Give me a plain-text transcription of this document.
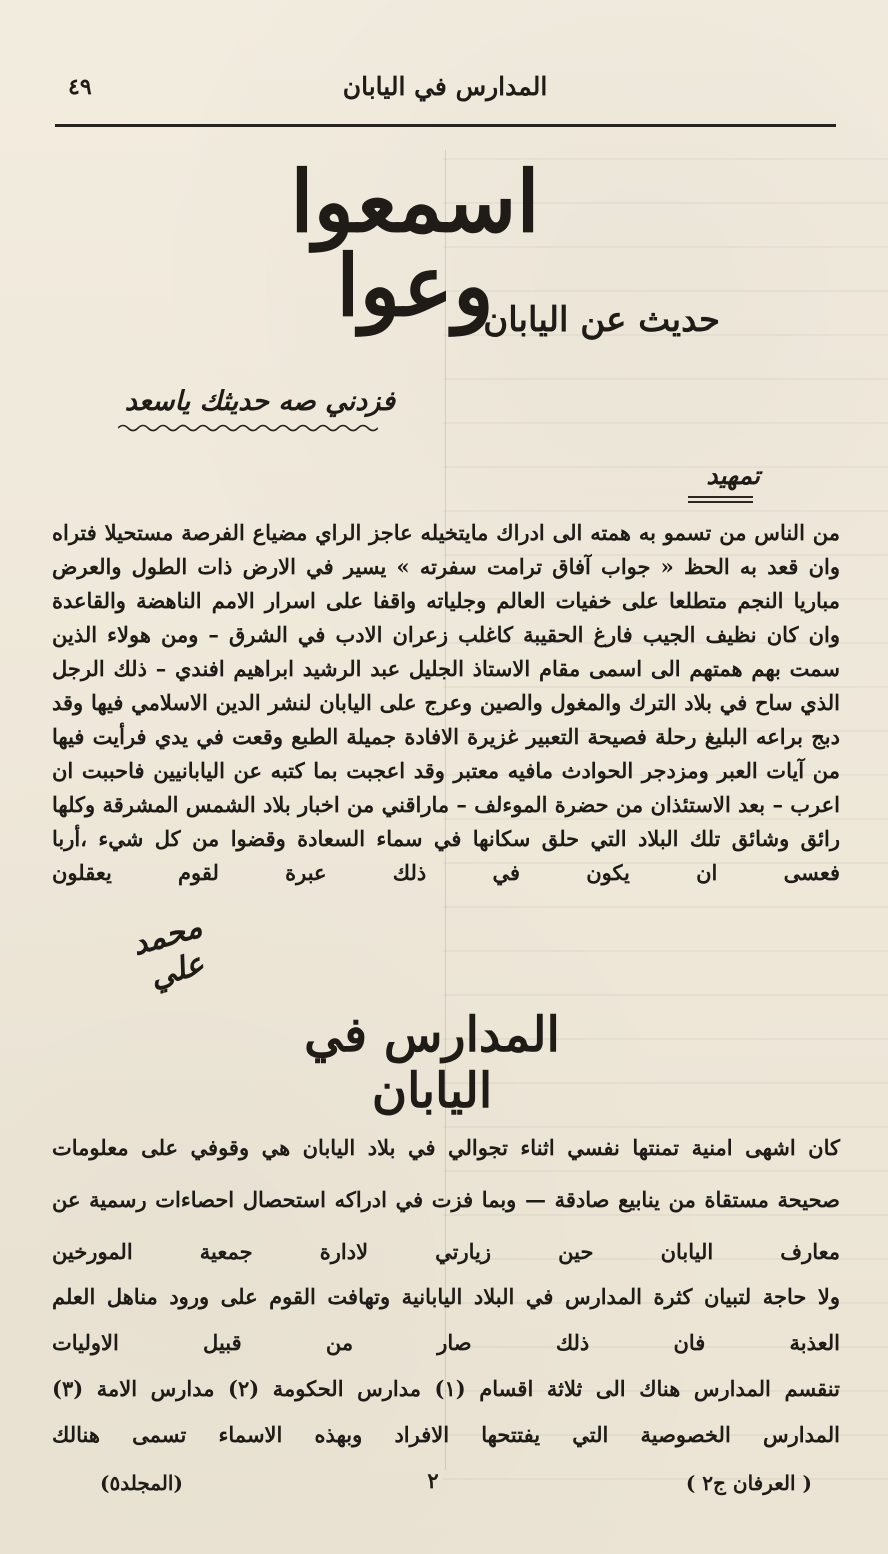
٤٩	المدارس في اليابان
اسمعوا وعوا
حديث عن اليابان
فزدني صه حديثك ياسعد
تمهيد

من الناس من تسمو به همته الى ادراك مايتخيله عاجز الراي مضياع الفرصة مستحيلا فتراه وان قعد به الحظ « جواب آفاق ترامت سفرته » يسير في الارض ذات الطول والعرض مباريا النجم متطلعا على خفيات العالم وجلياته واقفا على اسرار الامم الناهضة والقاعدة وان كان نظيف الجيب فارغ الحقيبة كاغلب زعران الادب في الشرق – ومن هولاء الذين سمت بهم همتهم الى اسمى مقام الاستاذ الجليل عبد الرشيد ابراهيم افندي – ذلك الرجل الذي ساح في بلاد الترك والمغول والصين وعرج على اليابان لنشر الدين الاسلامي فيها وقد دبج براعه البليغ رحلة فصيحة التعبير غزيرة الافادة جميلة الطبع وقعت في يدي فرأيت فيها من آيات العبر ومزدجر الحوادث مافيه معتبر وقد اعجبت بما كتبه عن اليابانيين فاحببت ان اعرب – بعد الاستئذان من حضرة الموءلف – ماراقني من اخبار بلاد الشمس المشرقة وكلها رائق وشائق تلك البلاد التي حلق سكانها في سماء السعادة وقضوا من كل شيء ،أربا فعسى ان يكون في ذلك عبرة لقوم يعقلون

محمد علي
المدارس في اليابان

كان اشهى امنية تمنتها نفسي اثناء تجوالي في بلاد اليابان هي وقوفي على معلومات صحيحة مستقاة من ينابيع صادقة — وبما فزت في ادراكه استحصال احصاءات رسمية عن معارف اليابان حين زيارتي لادارة جمعية المورخين

ولا حاجة لتبيان كثرة المدارس في البلاد اليابانية وتهافت القوم على ورود مناهل العلم العذبة فان ذلك صار من قبيل الاوليات

تنقسم المدارس هناك الى ثلاثة اقسام (١) مدارس الحكومة (٢) مدارس الامة (٣) المدارس الخصوصية التي يفتتحها الافراد وبهذه الاسماء تسمى هنالك

(المجلد٥)	٢	( العرفان ج٢ )
